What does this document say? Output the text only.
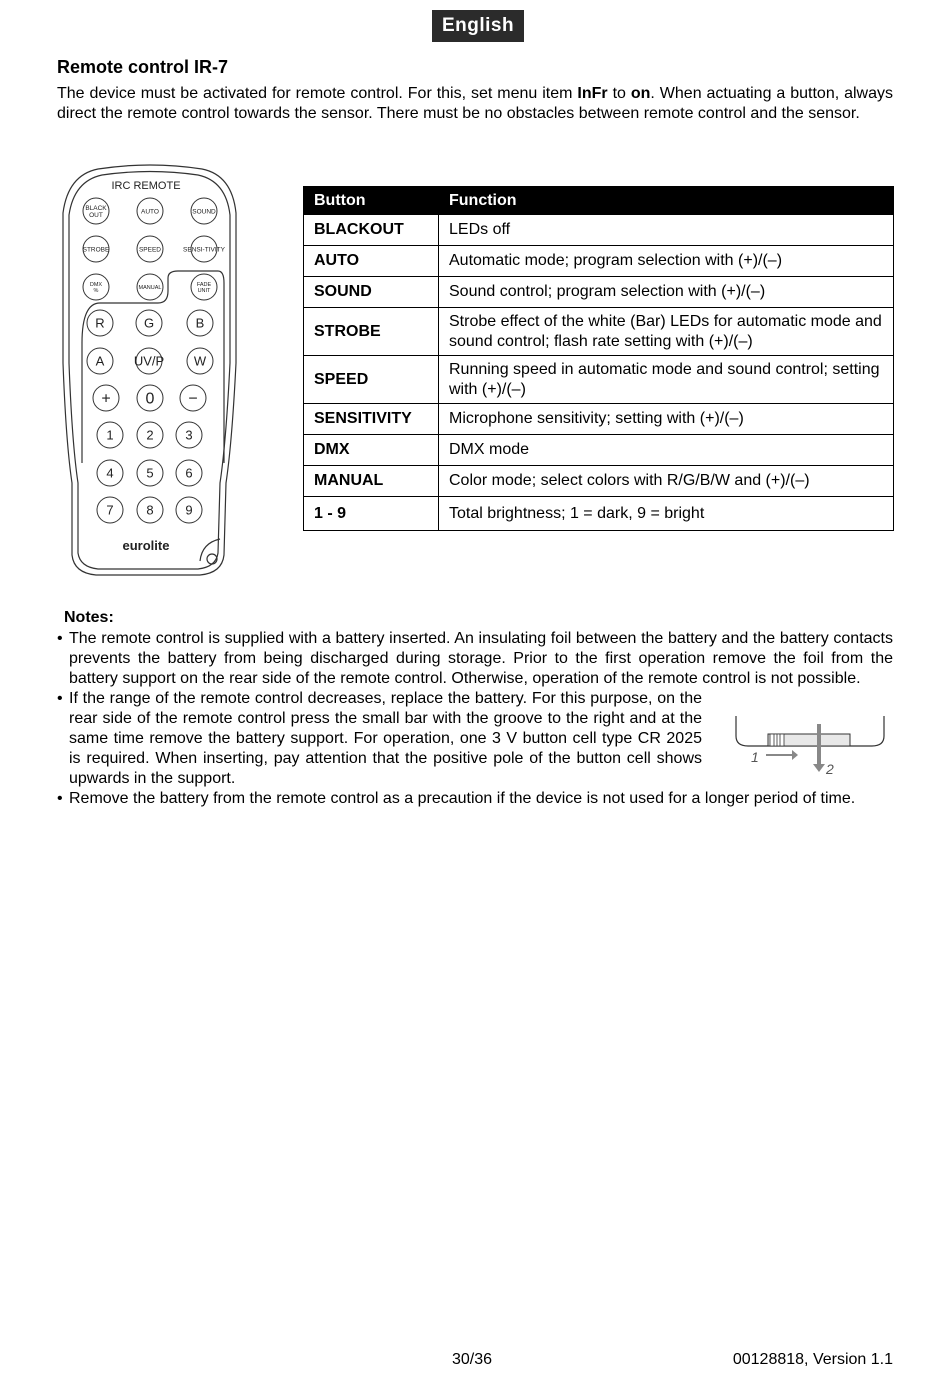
English
Remote control IR-7

The device must be activated for remote control. For this, set menu item InFr to on. When actuating a button, always direct the remote control towards the sensor. There must be no obstacles between remote control and the sensor.

IRC REMOTE
BLACK
OUT	AUTO	SOUND
STROBE	SPEED	SENSI-TIVITY
DMX
%	MANUAL	FADE
UNIT
R	G	B
A UV/P W
+ 0 −
1	2 3
4	5 6
7	8 9
eurolite
Button	Function
BLACKOUT	LEDs off
AUTO	Automatic mode; program selection with (+)/(–)
SOUND	Sound control; program selection with (+)/(–)
STROBE	Strobe effect of the white (Bar) LEDs for automatic mode and sound control; flash rate setting with (+)/(–)
SPEED	Running speed in automatic mode and sound control; setting with (+)/(–)
SENSITIVITY	Microphone sensitivity; setting with (+)/(–)
DMX	DMX mode
MANUAL	Color mode; select colors with R/G/B/W and (+)/(–)
1 - 9	Total brightness; 1 = dark, 9 = bright
Notes:
• The remote control is supplied with a battery inserted. An insulating foil between the battery and the battery contacts prevents the battery from being discharged during storage. Prior to the first operation remove the foil from the battery support on the rear side of the remote control. Otherwise, operation of the remote control is not possible.
• If the range of the remote control decreases, replace the battery. For this purpose, on the rear side of the remote control press the small bar with the groove to the right and at the same time remove the battery support. For operation, one 3 V button cell type CR 2025 is required. When inserting, pay attention that the positive pole of the button cell shows upwards in the support.
• Remove the battery from the remote control as a precaution if the device is not used for a longer period of time.
1
2
30/36	00128818, Version 1.1
